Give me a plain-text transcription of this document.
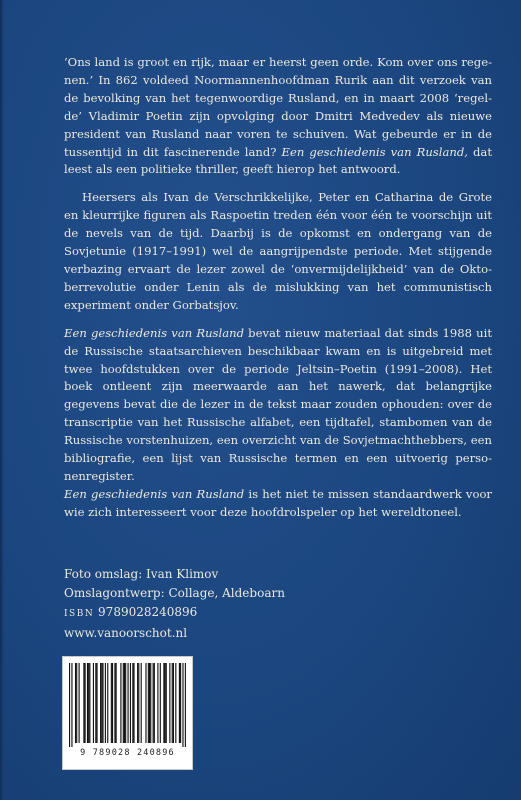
‘Ons land is groot en rijk, maar er heerst geen orde. Kom over ons rege-nen.’ In 862 voldeed Noormannenhoofdman Rurik aan dit verzoek van de bevolking van het tegenwoordige Rusland, en in maart 2008 ‘regel-de’ Vladimir Poetin zijn opvolging door Dmitri Medvedev als nieuwe president van Rusland naar voren te schuiven. Wat gebeurde er in de tussentijd in dit fascinerende land? Een geschiedenis van Rusland, dat leest als een politieke thriller, geeft hierop het antwoord.

Heersers als Ivan de Verschrikkelijke, Peter en Catharina de Grote en kleurrijke figuren als Raspoetin treden één voor één te voorschijn uit de nevels van de tijd. Daarbij is de opkomst en ondergang van de Sovjetunie (1917–1991) wel de aangrijpendste periode. Met stijgende verbazing ervaart de lezer zowel de ‘onvermijdelijkheid’ van de Okto-berrevolutie onder Lenin als de mislukking van het communistisch experiment onder Gorbatsjov.

Een geschiedenis van Rusland bevat nieuw materiaal dat sinds 1988 uit de Russische staatsarchieven beschikbaar kwam en is uitgebreid met twee hoofdstukken over de periode Jeltsin–Poetin (1991–2008). Het boek ontleent zijn meerwaarde aan het nawerk, dat belangrijke gegevens bevat die de lezer in de tekst maar zouden ophouden: over de transcriptie van het Russische alfabet, een tijdtafel, stambomen van de Russische vorstenhuizen, een overzicht van de Sovjetmachthebbers, een bibliografie, een lijst van Russische termen en een uitvoerig perso-nenregister.

Een geschiedenis van Rusland is het niet te missen standaardwerk voor wie zich interesseert voor deze hoofdrolspeler op het wereldtoneel.

Foto omslag: Ivan Klimov
Omslagontwerp: Collage, Aldeboarn
ISBN 9789028240896
www.vanoorschot.nl
9 789028 240896
